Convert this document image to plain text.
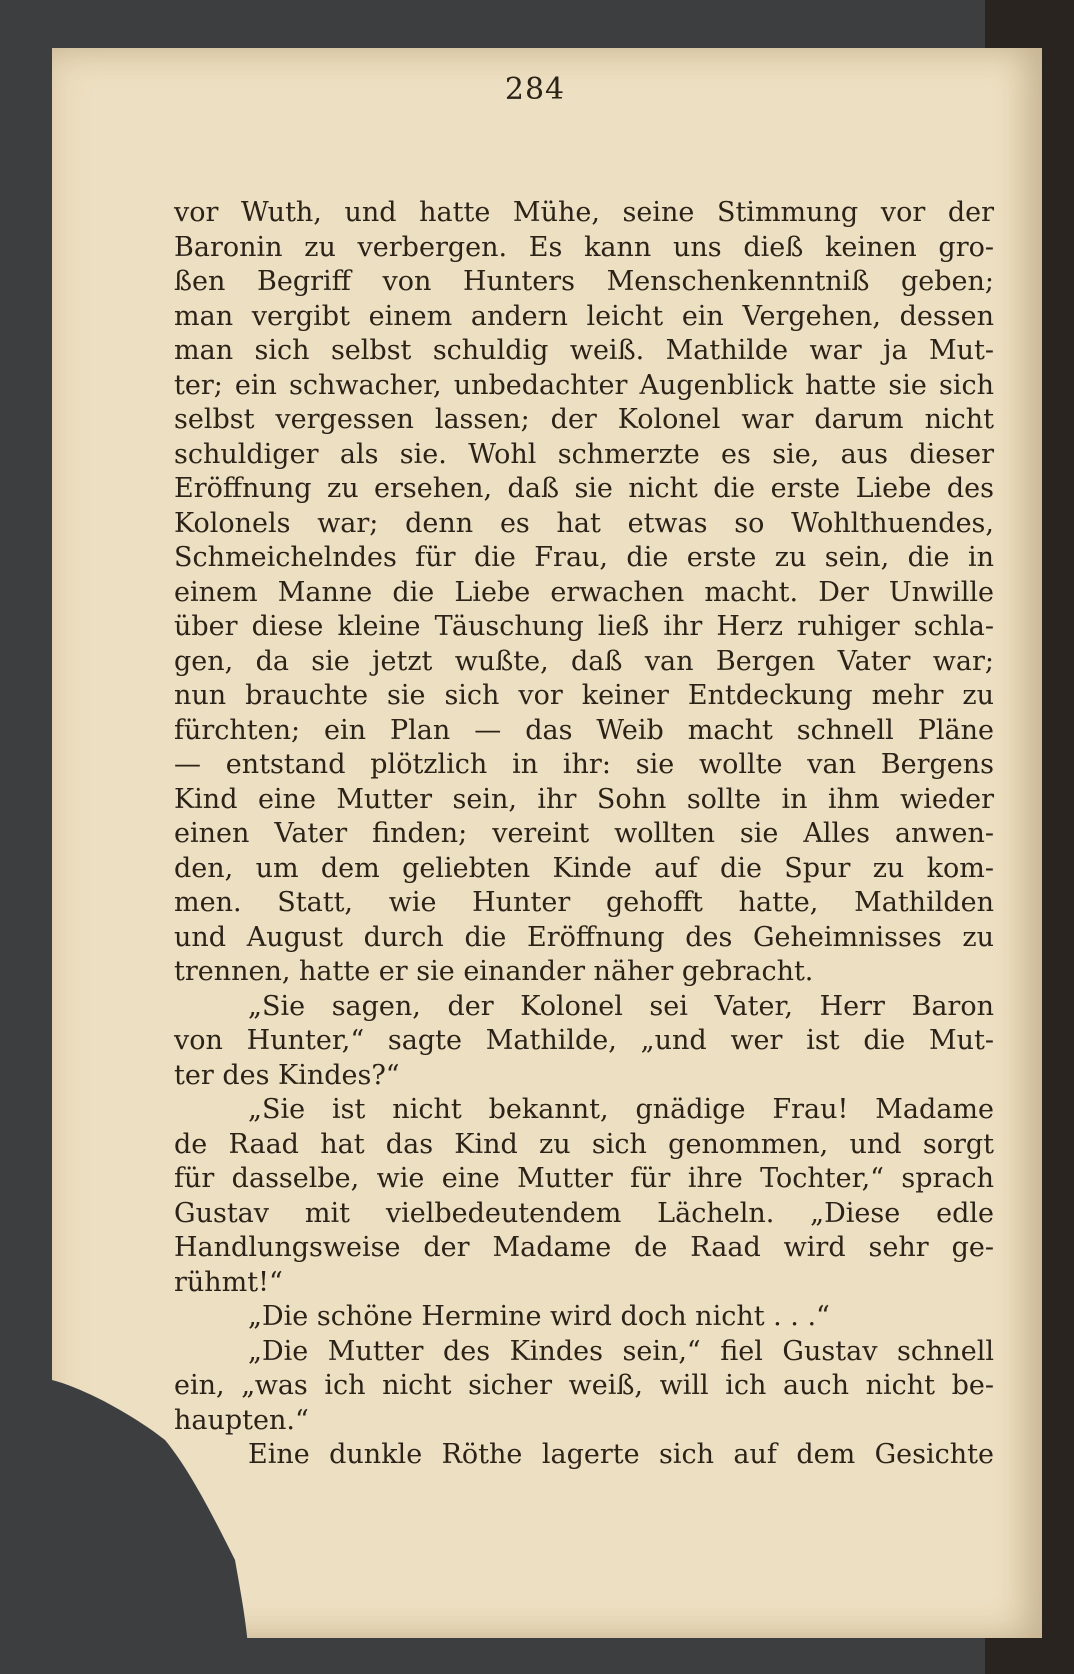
284
vor Wuth, und hatte Mühe, seine Stimmung vor der
Baronin zu verbergen. Es kann uns dieß keinen gro-
ßen Begriff von Hunters Menschenkenntniß geben;
man vergibt einem andern leicht ein Vergehen, dessen
man sich selbst schuldig weiß. Mathilde war ja Mut-
ter; ein schwacher, unbedachter Augenblick hatte sie sich
selbst vergessen lassen; der Kolonel war darum nicht
schuldiger als sie. Wohl schmerzte es sie, aus dieser
Eröffnung zu ersehen, daß sie nicht die erste Liebe des
Kolonels war; denn es hat etwas so Wohlthuendes,
Schmeichelndes für die Frau, die erste zu sein, die in
einem Manne die Liebe erwachen macht. Der Unwille
über diese kleine Täuschung ließ ihr Herz ruhiger schla-
gen, da sie jetzt wußte, daß van Bergen Vater war;
nun brauchte sie sich vor keiner Entdeckung mehr zu
fürchten; ein Plan — das Weib macht schnell Pläne
— entstand plötzlich in ihr: sie wollte van Bergens
Kind eine Mutter sein, ihr Sohn sollte in ihm wieder
einen Vater finden; vereint wollten sie Alles anwen-
den, um dem geliebten Kinde auf die Spur zu kom-
men. Statt, wie Hunter gehofft hatte, Mathilden
und August durch die Eröffnung des Geheimnisses zu
trennen, hatte er sie einander näher gebracht.
„Sie sagen, der Kolonel sei Vater, Herr Baron
von Hunter,“ sagte Mathilde, „und wer ist die Mut-
ter des Kindes?“
„Sie ist nicht bekannt, gnädige Frau! Madame
de Raad hat das Kind zu sich genommen, und sorgt
für dasselbe, wie eine Mutter für ihre Tochter,“ sprach
Gustav mit vielbedeutendem Lächeln. „Diese edle
Handlungsweise der Madame de Raad wird sehr ge-
rühmt!“
„Die schöne Hermine wird doch nicht . . .“
„Die Mutter des Kindes sein,“ fiel Gustav schnell
ein, „was ich nicht sicher weiß, will ich auch nicht be-
haupten.“
Eine dunkle Röthe lagerte sich auf dem Gesichte
